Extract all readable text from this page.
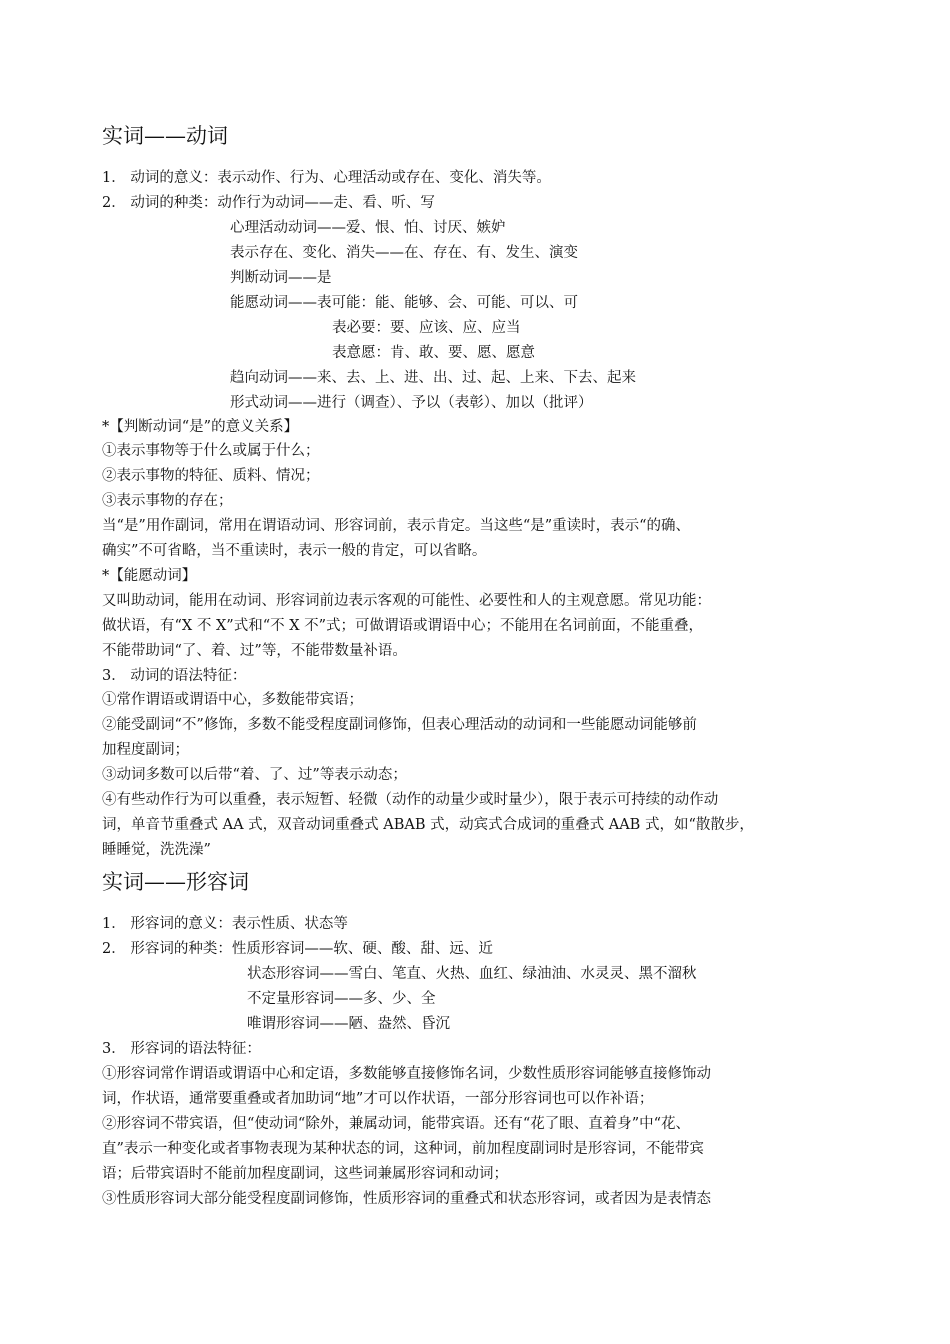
实词——动词
1． 动词的意义：表示动作、行为、心理活动或存在、变化、消失等。
2． 动词的种类：动作行为动词——走、看、听、写
心理活动动词——爱、恨、怕、讨厌、嫉妒
表示存在、变化、消失——在、存在、有、发生、演变
判断动词——是
能愿动词——表可能：能、能够、会、可能、可以、可
表必要：要、应该、应、应当
表意愿：肯、敢、要、愿、愿意
趋向动词——来、去、上、进、出、过、起、上来、下去、起来
形式动词——进行（调查）、予以（表彰）、加以（批评）
*【判断动词“是”的意义关系】
①表示事物等于什么或属于什么；
②表示事物的特征、质料、情况；
③表示事物的存在；
当“是”用作副词，常用在谓语动词、形容词前，表示肯定。当这些“是”重读时，表示“的确、
确实”不可省略，当不重读时，表示一般的肯定，可以省略。
*【能愿动词】
又叫助动词，能用在动词、形容词前边表示客观的可能性、必要性和人的主观意愿。常见功能：
做状语，有“X 不 X”式和“不 X 不”式；可做谓语或谓语中心；不能用在名词前面，不能重叠，
不能带助词“了、着、过”等，不能带数量补语。
3． 动词的语法特征：
①常作谓语或谓语中心，多数能带宾语；
②能受副词“不”修饰，多数不能受程度副词修饰，但表心理活动的动词和一些能愿动词能够前
加程度副词；
③动词多数可以后带“着、了、过”等表示动态；
④有些动作行为可以重叠，表示短暂、轻微（动作的动量少或时量少），限于表示可持续的动作动
词，单音节重叠式 AA 式，双音动词重叠式 ABAB 式，动宾式合成词的重叠式 AAB 式，如“散散步，
睡睡觉，洗洗澡”
实词——形容词
1． 形容词的意义：表示性质、状态等
2． 形容词的种类：性质形容词——软、硬、酸、甜、远、近
状态形容词——雪白、笔直、火热、血红、绿油油、水灵灵、黑不溜秋
不定量形容词——多、少、全
唯谓形容词——陋、盎然、昏沉
3． 形容词的语法特征：
①形容词常作谓语或谓语中心和定语，多数能够直接修饰名词，少数性质形容词能够直接修饰动
词，作状语，通常要重叠或者加助词“地”才可以作状语，一部分形容词也可以作补语；
②形容词不带宾语，但“使动词“除外，兼属动词，能带宾语。还有“花了眼、直着身”中“花、
直”表示一种变化或者事物表现为某种状态的词，这种词，前加程度副词时是形容词，不能带宾
语；后带宾语时不能前加程度副词，这些词兼属形容词和动词；
③性质形容词大部分能受程度副词修饰，性质形容词的重叠式和状态形容词，或者因为是表情态
